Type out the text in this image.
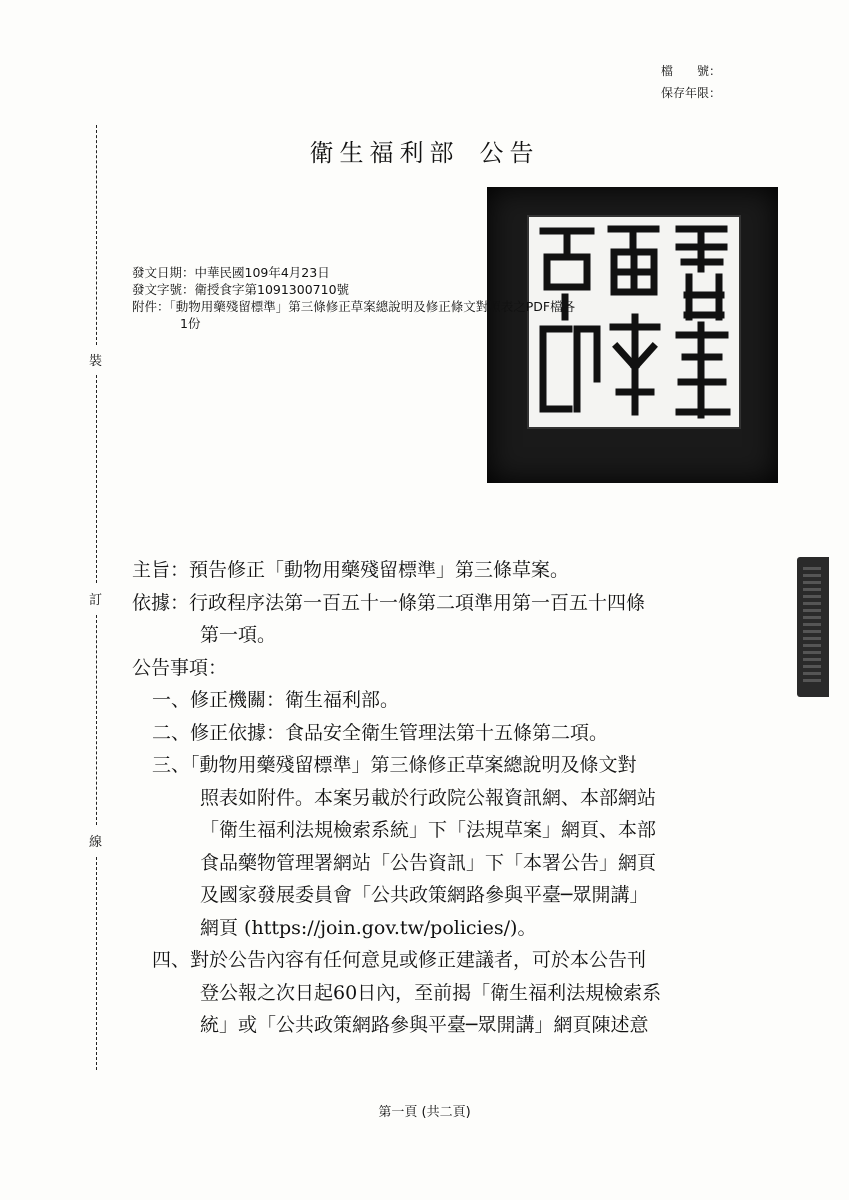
檔　　號：
保存年限：
裝
訂
線
衛生福利部 公告
發文日期：中華民國109年4月23日
發文字號：衛授食字第1091300710號
附件：「動物用藥殘留標準」第三條修正草案總說明及修正條文對照表之PDF檔各
1份
主旨：預告修正「動物用藥殘留標準」第三條草案。
依據：行政程序法第一百五十一條第二項準用第一百五十四條
第一項。
公告事項：
一、修正機關：衛生福利部。
二、修正依據：食品安全衛生管理法第十五條第二項。
三、「動物用藥殘留標準」第三條修正草案總說明及條文對
照表如附件。本案另載於行政院公報資訊網、本部網站
「衛生福利法規檢索系統」下「法規草案」網頁、本部
食品藥物管理署網站「公告資訊」下「本署公告」網頁
及國家發展委員會「公共政策網路參與平臺─眾開講」
網頁 (https://join.gov.tw/policies/)。
四、對於公告內容有任何意見或修正建議者，可於本公告刊
登公報之次日起60日內，至前揭「衛生福利法規檢索系
統」或「公共政策網路參與平臺─眾開講」網頁陳述意
第一頁 (共二頁)
